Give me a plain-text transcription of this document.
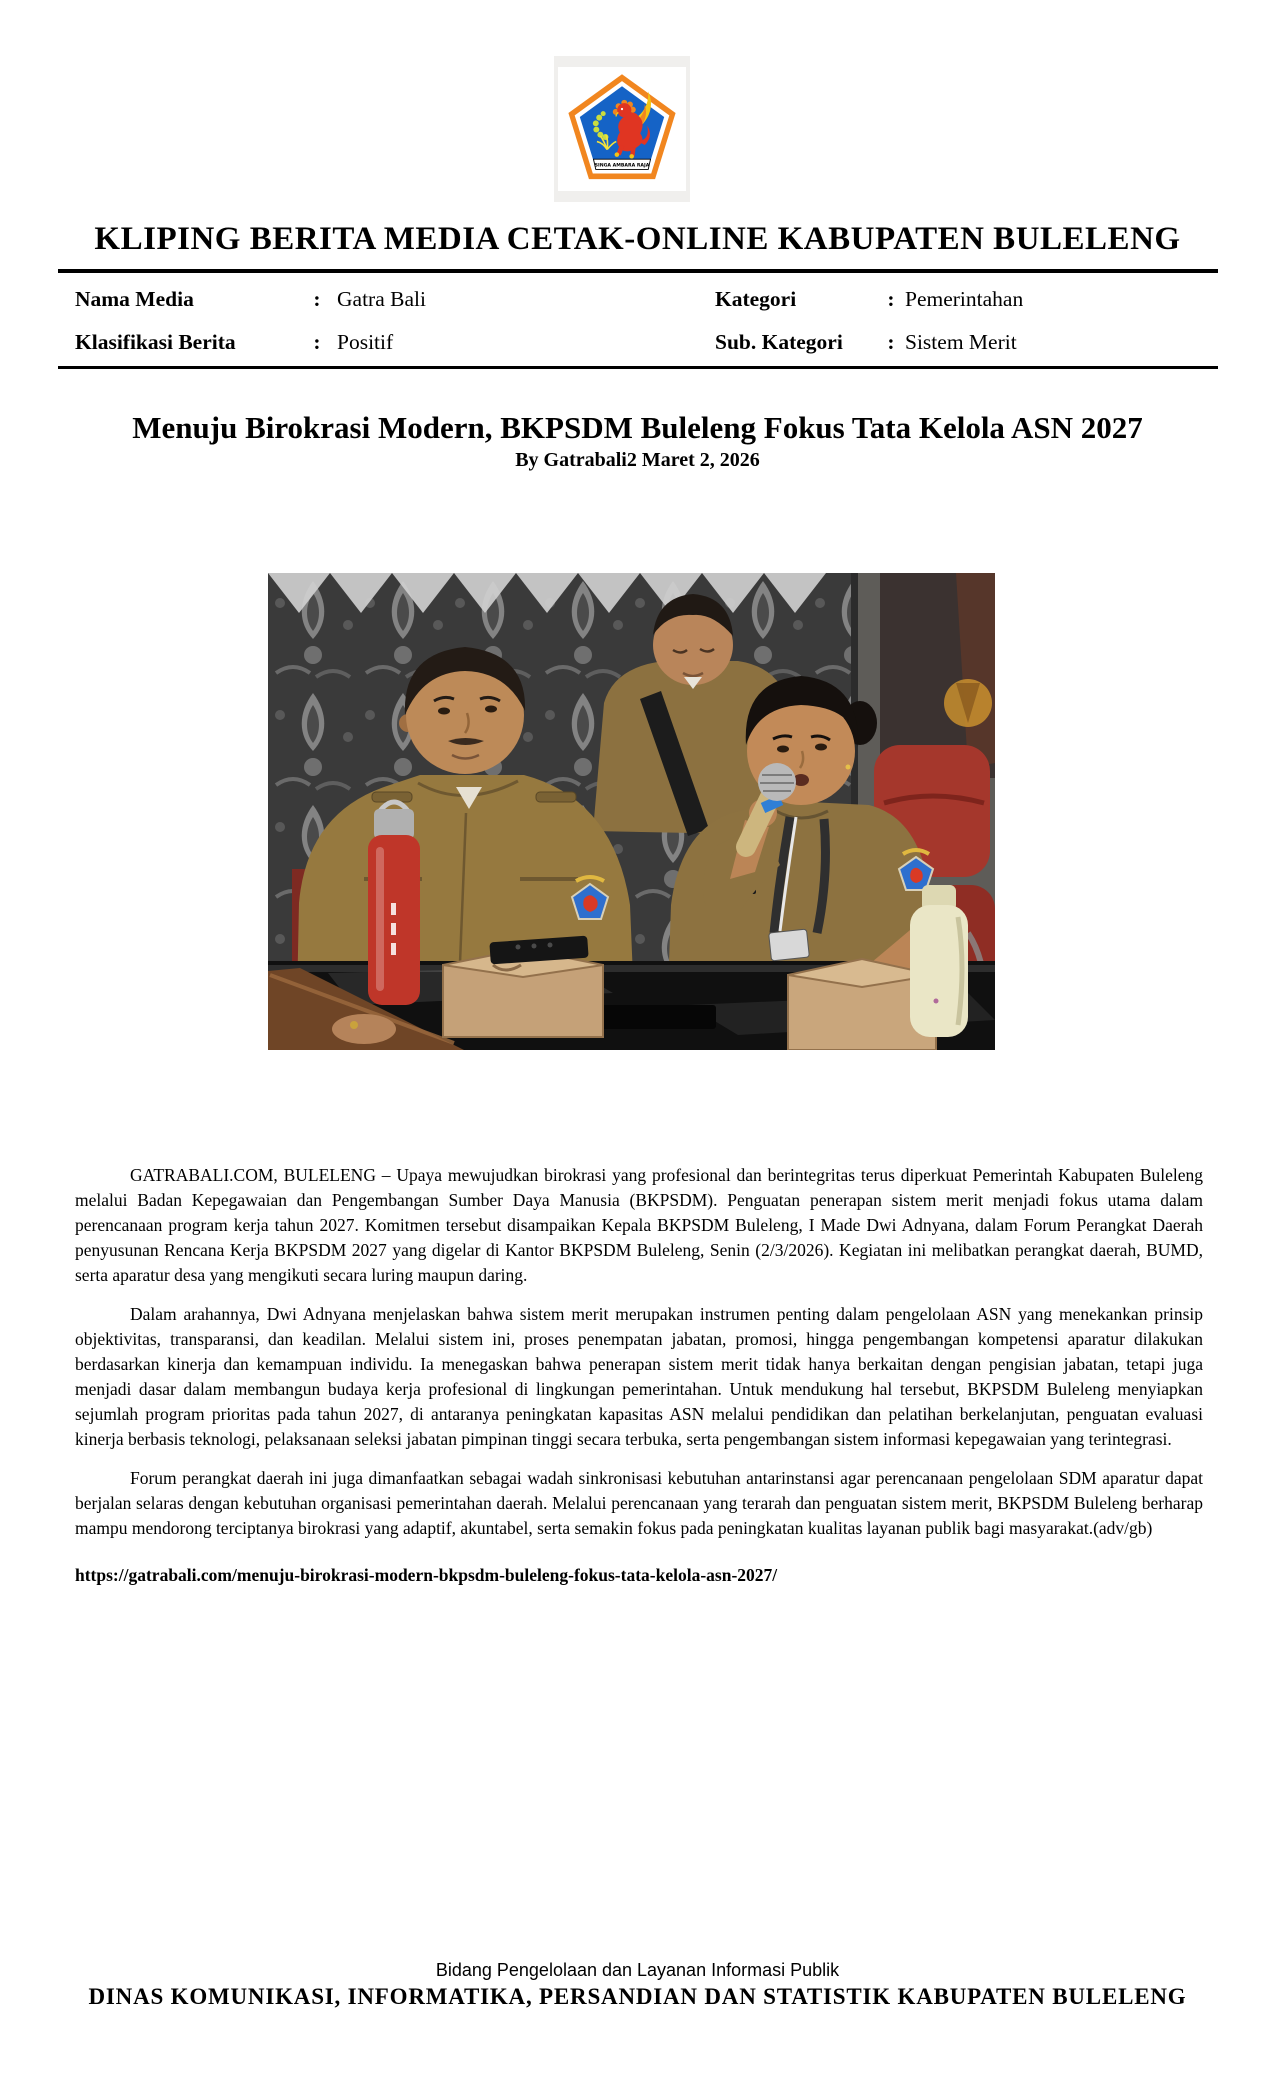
SINGA AMBARA RAJA
KLIPING BERITA MEDIA CETAK-ONLINE KABUPATEN BULELENG
Nama Media	: Gatra Bali	Kategori	: Pemerintahan
Klasifikasi Berita	: Positif	Sub. Kategori	: Sistem Merit
Menuju Birokrasi Modern, BKPSDM Buleleng Fokus Tata Kelola ASN 2027
By Gatrabali2 Maret 2, 2026

GATRABALI.COM, BULELENG – Upaya mewujudkan birokrasi yang profesional dan berintegritas terus diperkuat Pemerintah Kabupaten Buleleng melalui Badan Kepegawaian dan Pengembangan Sumber Daya Manusia (BKPSDM). Penguatan penerapan sistem merit menjadi fokus utama dalam perencanaan program kerja tahun 2027. Komitmen tersebut disampaikan Kepala BKPSDM Buleleng, I Made Dwi Adnyana, dalam Forum Perangkat Daerah penyusunan Rencana Kerja BKPSDM 2027 yang digelar di Kantor BKPSDM Buleleng, Senin (2/3/2026). Kegiatan ini melibatkan perangkat daerah, BUMD, serta aparatur desa yang mengikuti secara luring maupun daring.

Dalam arahannya, Dwi Adnyana menjelaskan bahwa sistem merit merupakan instrumen penting dalam pengelolaan ASN yang menekankan prinsip objektivitas, transparansi, dan keadilan. Melalui sistem ini, proses penempatan jabatan, promosi, hingga pengembangan kompetensi aparatur dilakukan berdasarkan kinerja dan kemampuan individu. Ia menegaskan bahwa penerapan sistem merit tidak hanya berkaitan dengan pengisian jabatan, tetapi juga menjadi dasar dalam membangun budaya kerja profesional di lingkungan pemerintahan. Untuk mendukung hal tersebut, BKPSDM Buleleng menyiapkan sejumlah program prioritas pada tahun 2027, di antaranya peningkatan kapasitas ASN melalui pendidikan dan pelatihan berkelanjutan, penguatan evaluasi kinerja berbasis teknologi, pelaksanaan seleksi jabatan pimpinan tinggi secara terbuka, serta pengembangan sistem informasi kepegawaian yang terintegrasi.

Forum perangkat daerah ini juga dimanfaatkan sebagai wadah sinkronisasi kebutuhan antarinstansi agar perencanaan pengelolaan SDM aparatur dapat berjalan selaras dengan kebutuhan organisasi pemerintahan daerah. Melalui perencanaan yang terarah dan penguatan sistem merit, BKPSDM Buleleng berharap mampu mendorong terciptanya birokrasi yang adaptif, akuntabel, serta semakin fokus pada peningkatan kualitas layanan publik bagi masyarakat.(adv/gb)

https://gatrabali.com/menuju-birokrasi-modern-bkpsdm-buleleng-fokus-tata-kelola-asn-2027/
Bidang Pengelolaan dan Layanan Informasi Publik
DINAS KOMUNIKASI, INFORMATIKA, PERSANDIAN DAN STATISTIK KABUPATEN BULELENG
